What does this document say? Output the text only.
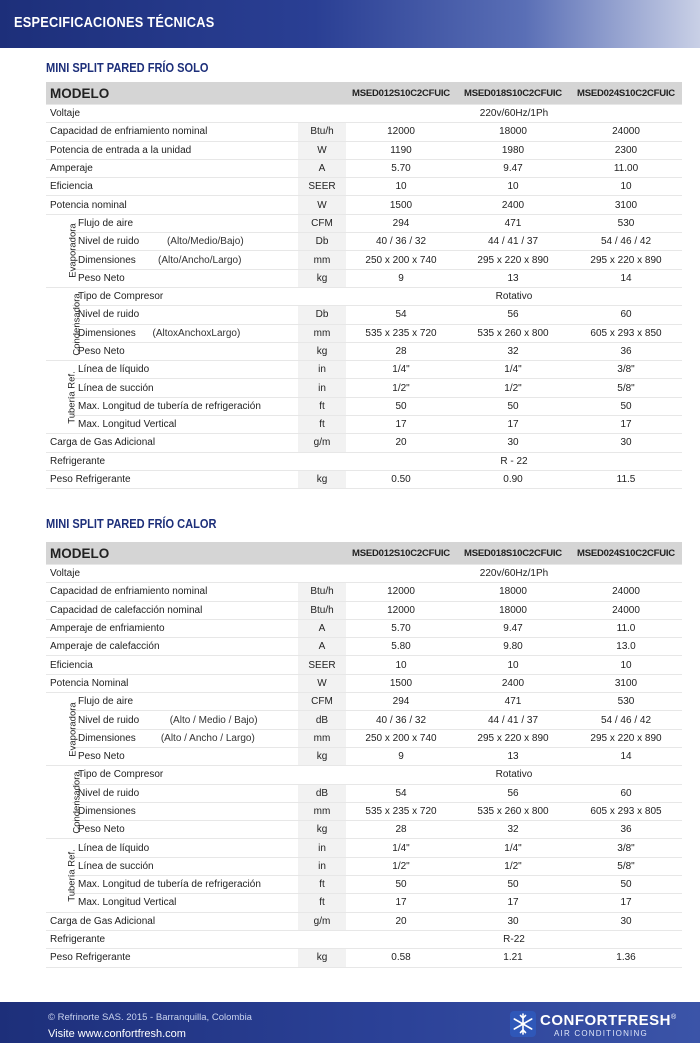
ESPECIFICACIONES TÉCNICAS
MINI SPLIT PARED FRÍO SOLO
MODELO			MSED012S10C2CFUIC	MSED018S10C2CFUIC	MSED024S10C2CFUIC
Voltaje			220v/60Hz/1Ph		
Capacidad de enfriamiento nominal		Btu/h	12000	18000	24000
Potencia de entrada a la unidad		W	1190	1980	2300
Amperaje		A	5.70	9.47	11.00
Eficiencia		SEER	10	10	10
Potencia nominal		W	1500	2400	3100
Evaporadora	Flujo de aire	CFM	294	471	530
	Nivel de ruido (Alto/Medio/Bajo)	Db	40 / 36 / 32	44 / 41 / 37	54 / 46 / 42
	Dimensiones (Alto/Ancho/Largo)	mm	250 x 200 x 740	295 x 220 x 890	295 x 220 x 890
	Peso Neto	kg	9	13	14
Condensadora	Tipo de Compresor		Rotativo		
	Nivel de ruido	Db	54	56	60
	Dimensiones (AltoxAnchoxLargo)	mm	535 x 235 x 720	535 x 260 x 800	605 x 293 x 850
	Peso Neto	kg	28	32	36
Tubería Ref.	Línea de líquido	in	1/4"	1/4"	3/8"
	Línea de succión	in	1/2"	1/2"	5/8"
	Max. Longitud de tubería de refrigeración	ft	50	50	50
	Max. Longitud Vertical	ft	17	17	17
Carga de Gas Adicional		g/m	20	30	30
Refrigerante			R - 22		
Peso Refrigerante		kg	0.50	0.90	11.5
MINI SPLIT PARED FRÍO CALOR
MODELO			MSED012S10C2CFUIC	MSED018S10C2CFUIC	MSED024S10C2CFUIC
Voltaje			220v/60Hz/1Ph		
Capacidad de enfriamiento nominal		Btu/h	12000	18000	24000
Capacidad de calefacción nominal		Btu/h	12000	18000	24000
Amperaje de enfriamiento		A	5.70	9.47	11.0
Amperaje de calefacción		A	5.80	9.80	13.0
Eficiencia		SEER	10	10	10
Potencia Nominal		W	1500	2400	3100
Evaporadora	Flujo de aire	CFM	294	471	530
	Nivel de ruido (Alto / Medio / Bajo)	dB	40 / 36 / 32	44 / 41 / 37	54 / 46 / 42
	Dimensiones (Alto / Ancho / Largo)	mm	250 x 200 x 740	295 x 220 x 890	295 x 220 x 890
	Peso Neto	kg	9	13	14
Condensadora	Tipo de Compresor		Rotativo		
	Nivel de ruido	dB	54	56	60
	Dimensiones	mm	535 x 235 x 720	535 x 260 x 800	605 x 293 x 805
	Peso Neto	kg	28	32	36
Tubería Ref.	Línea de líquido	in	1/4"	1/4"	3/8"
	Línea de succión	in	1/2"	1/2"	5/8"
	Max. Longitud de tubería de refrigeración	ft	50	50	50
	Max. Longitud Vertical	ft	17	17	17
Carga de Gas Adicional		g/m	20	30	30
Refrigerante			R-22		
Peso Refrigerante		kg	0.58	1.21	1.36
© Refrinorte SAS. 2015 - Barranquilla, Colombia
Visite www.confortfresh.com
CONFORTFRESH®
AIR CONDITIONING
